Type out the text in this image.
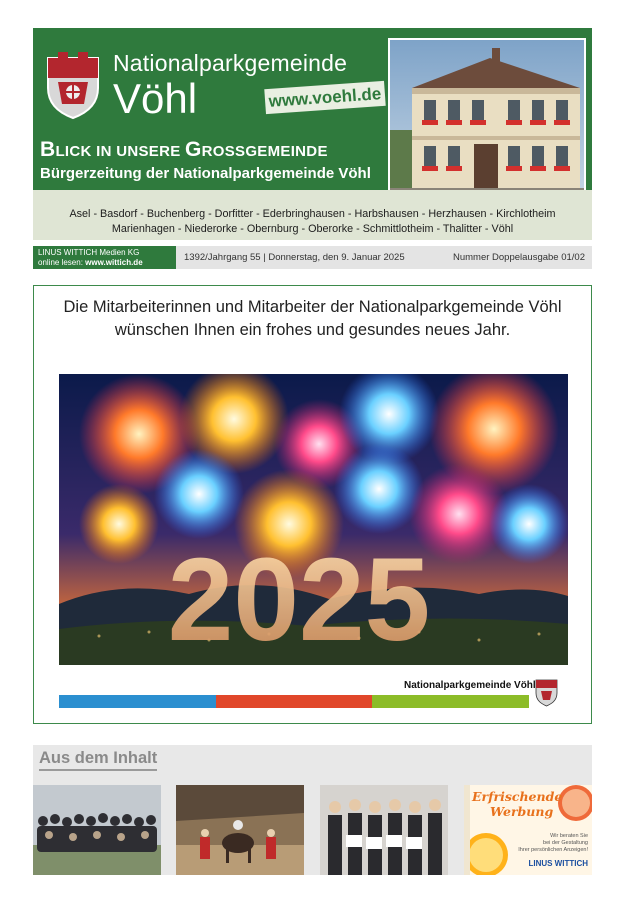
Nationalparkgemeinde
Vöhl	www.voehl.de
BLICK IN UNSERE GROSSGEMEINDE
Bürgerzeitung der Nationalparkgemeinde Vöhl
Asel - Basdorf - Buchenberg - Dorfitter - Ederbringhausen - Harbshausen - Herzhausen - Kirchlotheim
Marienhagen - Niederorke - Obernburg - Oberorke - Schmittlotheim - Thalitter - Vöhl
LINUS WITTICH Medien KG
online lesen: www.wittich.de	1392/Jahrgang 55 | Donnerstag, den 9. Januar 2025	Nummer Doppelausgabe 01/02
Die Mitarbeiterinnen und Mitarbeiter der Nationalparkgemeinde Vöhl
wünschen Ihnen ein frohes und gesundes neues Jahr.
2025
Nationalparkgemeinde Vöhl
Aus dem Inhalt
Erfrischende
Werbung
Wir beraten Sie
bei der Gestaltung
Ihrer persönlichen Anzeigen!
LINUS WITTICH
